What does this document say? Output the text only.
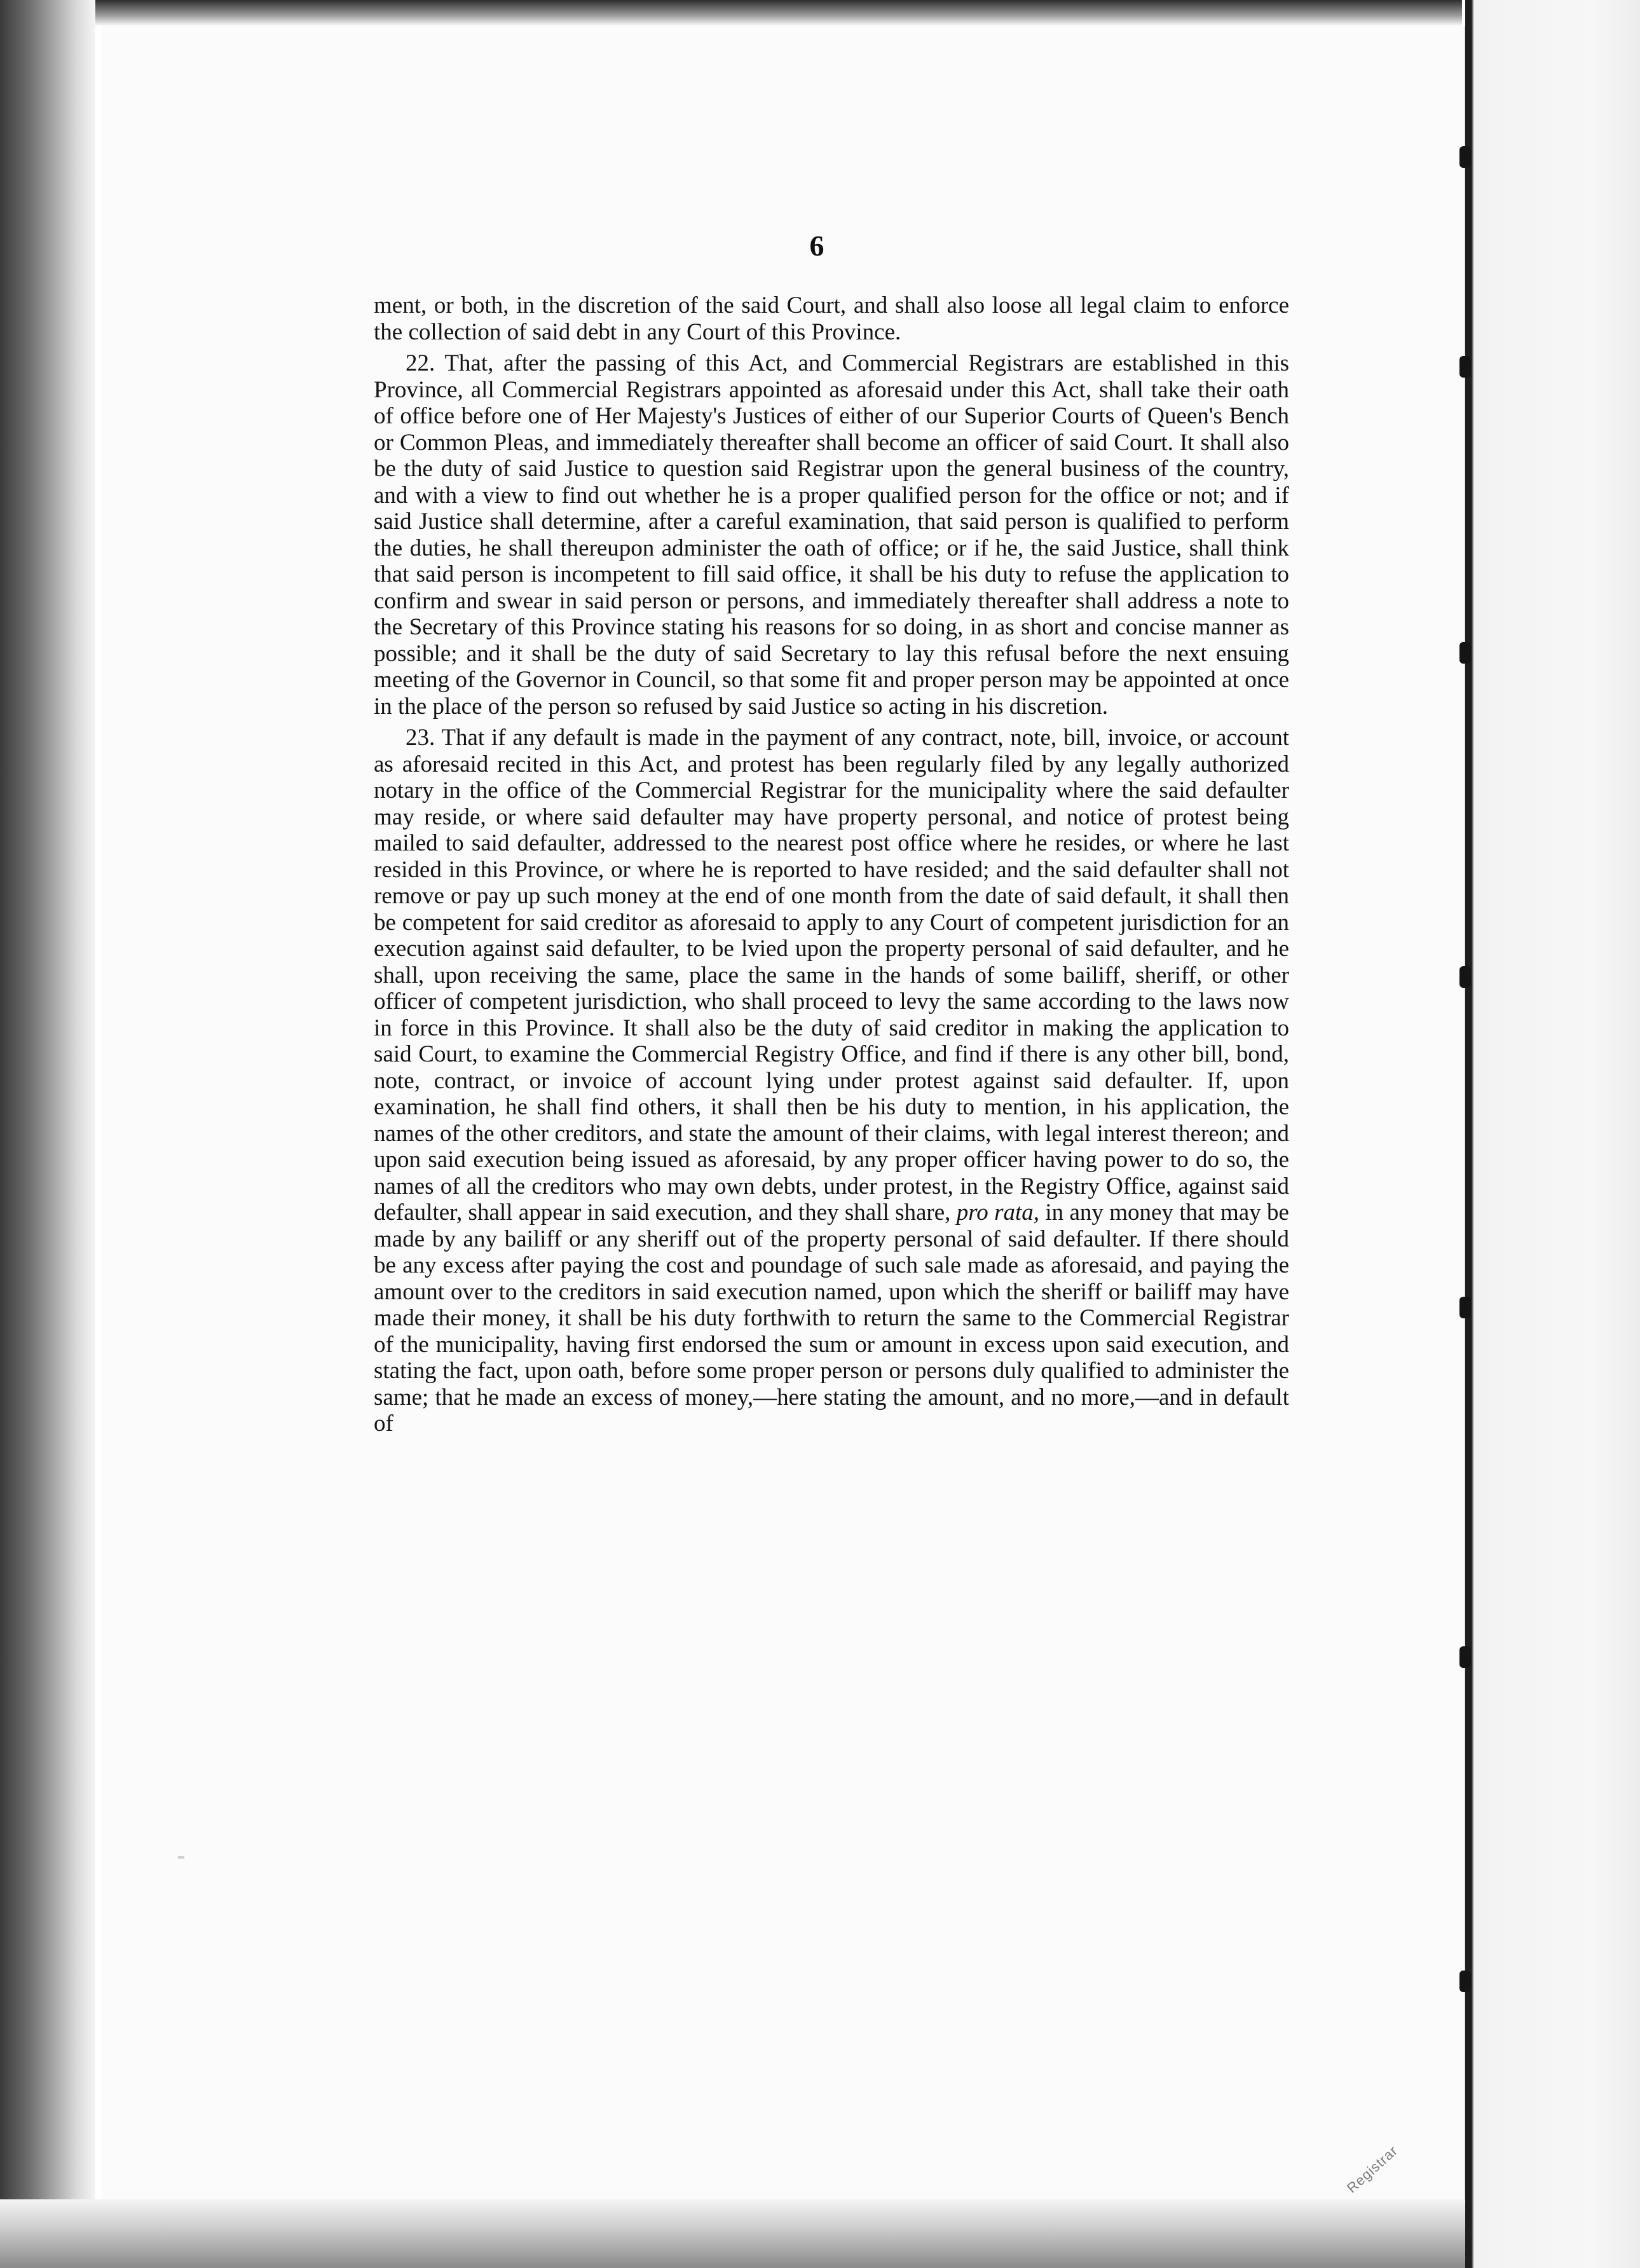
6

ment, or both, in the discretion of the said Court, and shall also loose all legal claim to enforce the collection of said debt in any Court of this Province.

22. That, after the passing of this Act, and Commercial Registrars are established in this Province, all Commercial Registrars appointed as aforesaid under this Act, shall take their oath of office before one of Her Majesty's Justices of either of our Superior Courts of Queen's Bench or Common Pleas, and immediately thereafter shall become an officer of said Court. It shall also be the duty of said Justice to question said Registrar upon the general business of the country, and with a view to find out whether he is a proper qualified person for the office or not; and if said Justice shall determine, after a careful examination, that said person is qualified to perform the duties, he shall thereupon administer the oath of office; or if he, the said Justice, shall think that said person is incompetent to fill said office, it shall be his duty to refuse the application to confirm and swear in said person or persons, and immediately thereafter shall address a note to the Secretary of this Province stating his reasons for so doing, in as short and concise manner as possible; and it shall be the duty of said Secretary to lay this refusal before the next ensuing meeting of the Governor in Council, so that some fit and proper person may be appointed at once in the place of the person so refused by said Justice so acting in his discretion.

23. That if any default is made in the payment of any contract, note, bill, invoice, or account as aforesaid recited in this Act, and protest has been regularly filed by any legally authorized notary in the office of the Commercial Registrar for the municipality where the said defaulter may reside, or where said defaulter may have property personal, and notice of protest being mailed to said defaulter, addressed to the nearest post office where he resides, or where he last resided in this Province, or where he is reported to have resided; and the said defaulter shall not remove or pay up such money at the end of one month from the date of said default, it shall then be competent for said creditor as aforesaid to apply to any Court of competent jurisdiction for an execution against said defaulter, to be lvied upon the property personal of said defaulter, and he shall, upon receiving the same, place the same in the hands of some bailiff, sheriff, or other officer of competent jurisdiction, who shall proceed to levy the same according to the laws now in force in this Province. It shall also be the duty of said creditor in making the application to said Court, to examine the Commercial Registry Office, and find if there is any other bill, bond, note, contract, or invoice of account lying under protest against said defaulter. If, upon examination, he shall find others, it shall then be his duty to mention, in his application, the names of the other creditors, and state the amount of their claims, with legal interest thereon; and upon said execution being issued as aforesaid, by any proper officer having power to do so, the names of all the creditors who may own debts, under protest, in the Registry Office, against said defaulter, shall appear in said execution, and they shall share, pro rata, in any money that may be made by any bailiff or any sheriff out of the property personal of said defaulter. If there should be any excess after paying the cost and poundage of such sale made as aforesaid, and paying the amount over to the creditors in said execution named, upon which the sheriff or bailiff may have made their money, it shall be his duty forthwith to return the same to the Commercial Registrar of the municipality, having first endorsed the sum or amount in excess upon said execution, and stating the fact, upon oath, before some proper person or persons duly qualified to administer the same; that he made an excess of money,—here stating the amount, and no more,—and in default of

Registrar
